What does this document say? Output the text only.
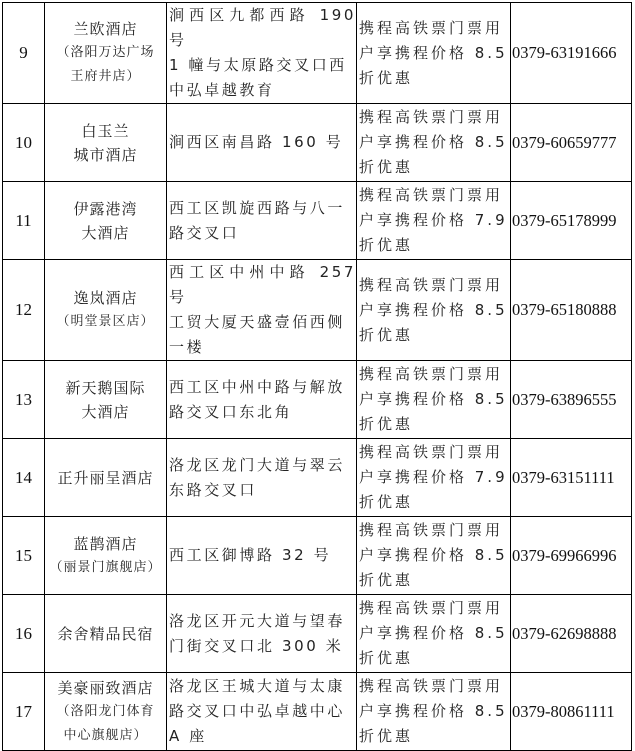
9	兰欧酒店
（洛阳万达广场
王府井店）	涧西区九都西路 190 号
1 幢与太原路交叉口西
中弘卓越教育	携程高铁票门票用
户享携程价格 8.5
折优惠	0379-63191666
10	白玉兰
城市酒店	涧西区南昌路 160 号	携程高铁票门票用
户享携程价格 8.5
折优惠	0379-60659777
11	伊露港湾
大酒店	西工区凯旋西路与八一
路交叉口	携程高铁票门票用
户享携程价格 7.9
折优惠	0379-65178999
12	逸岚酒店
（明堂景区店）	西工区中州中路 257 号
工贸大厦天盛壹佰西侧
一楼	携程高铁票门票用
户享携程价格 8.5
折优惠	0379-65180888
13	新天鹅国际
大酒店	西工区中州中路与解放
路交叉口东北角	携程高铁票门票用
户享携程价格 8.5
折优惠	0379-63896555
14	正升丽呈酒店	洛龙区龙门大道与翠云
东路交叉口	携程高铁票门票用
户享携程价格 7.9
折优惠	0379-63151111
15	蓝鹊酒店
（丽景门旗舰店）	西工区御博路 32 号	携程高铁票门票用
户享携程价格 8.5
折优惠	0379-69966996
16	余舍精品民宿	洛龙区开元大道与望春
门街交叉口北 300 米	携程高铁票门票用
户享携程价格 8.5
折优惠	0379-62698888
17	美豪丽致酒店
（洛阳龙门体育
中心旗舰店）	洛龙区王城大道与太康
路交叉口中弘卓越中心
A 座	携程高铁票门票用
户享携程价格 8.5
折优惠	0379-80861111
